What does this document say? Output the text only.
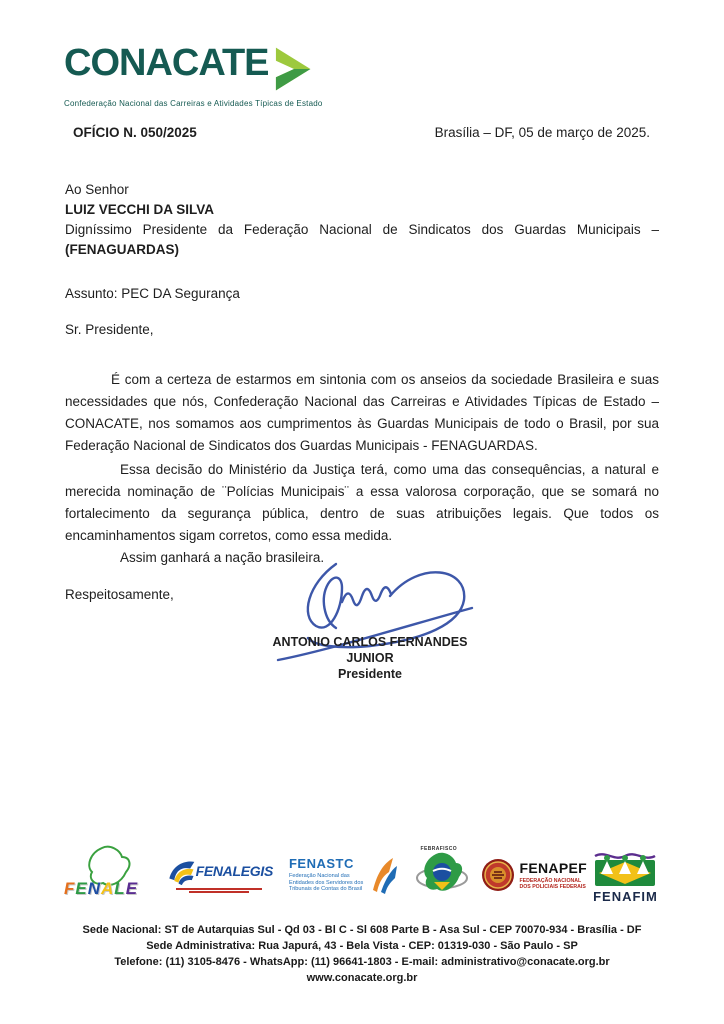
CONACATE
Confederação Nacional das Carreiras e Atividades Típicas de Estado
OFÍCIO N. 050/2025	Brasília – DF, 05 de março de 2025.
Ao Senhor
LUIZ VECCHI DA SILVA

Digníssimo Presidente da Federação Nacional de Sindicatos dos Guardas Municipais – (FENAGUARDAS)

Assunto: PEC DA Segurança
Sr. Presidente,

É com a certeza de estarmos em sintonia com os anseios da sociedade Brasileira e suas necessidades que nós, Confederação Nacional das Carreiras e Atividades Típicas de Estado – CONACATE, nos somamos aos cumprimentos às Guardas Municipais de todo o Brasil, por sua Federação Nacional de Sindicatos dos Guardas Municipais - FENAGUARDAS.

Essa decisão do Ministério da Justiça terá, como uma das consequências, a natural e merecida nominação de ¨Polícias Municipais¨ a essa valorosa corporação, que se somará no fortalecimento da segurança pública, dentro de suas atribuições legais. Que todos os encaminhamentos sigam corretos, como essa medida.

Assim ganhará a nação brasileira.

Respeitosamente,
ANTONIO CARLOS FERNANDES
JUNIOR
Presidente
FENALE
FENALEGIS FENASTC
Federação Nacional das Entidades dos Servidores dos Tribunais de Contas do Brasil
FEBRAFISCO
FENAPEF
FEDERAÇÃO NACIONAL
DOS POLICIAIS FEDERAIS
FENAFIM
Sede Nacional: ST de Autarquias Sul - Qd 03 - Bl C - Sl 608 Parte B - Asa Sul - CEP 70070-934 - Brasília - DF
Sede Administrativa: Rua Japurá, 43 - Bela Vista - CEP: 01319-030 - São Paulo - SP
Telefone: (11) 3105-8476 - WhatsApp: (11) 96641-1803 - E-mail: administrativo@conacate.org.br
www.conacate.org.br
